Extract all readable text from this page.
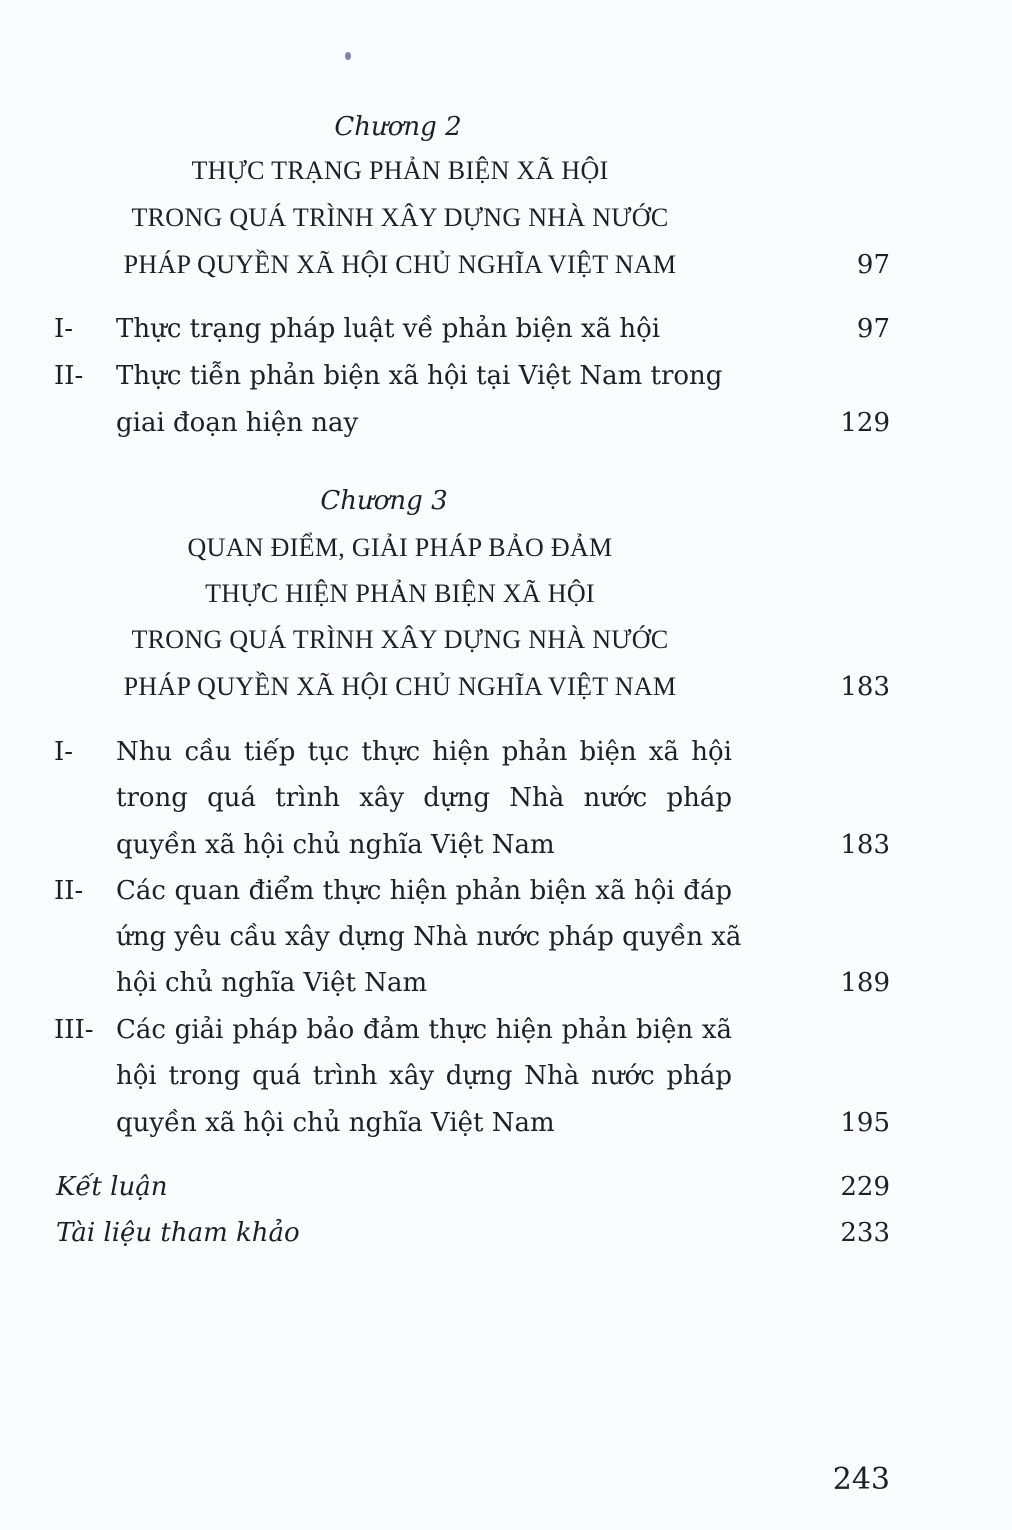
Chương 2
THỰC TRẠNG PHẢN BIỆN XÃ HỘI
TRONG QUÁ TRÌNH XÂY DỰNG NHÀ NƯỚC
PHÁP QUYỀN XÃ HỘI CHỦ NGHĨA VIỆT NAM	97
I- Thực trạng pháp luật về phản biện xã hội	97
II- Thực tiễn phản biện xã hội tại Việt Nam trong
giai đoạn hiện nay	129
Chương 3
QUAN ĐIỂM, GIẢI PHÁP BẢO ĐẢM
THỰC HIỆN PHẢN BIỆN XÃ HỘI
TRONG QUÁ TRÌNH XÂY DỰNG NHÀ NƯỚC
PHÁP QUYỀN XÃ HỘI CHỦ NGHĨA VIỆT NAM	183
I- Nhu cầu tiếp tục thực hiện phản biện xã hội
trong quá trình xây dựng Nhà nước pháp
quyền xã hội chủ nghĩa Việt Nam	183
II- Các quan điểm thực hiện phản biện xã hội đáp
ứng yêu cầu xây dựng Nhà nước pháp quyền xã
hội chủ nghĩa Việt Nam	189
III- Các giải pháp bảo đảm thực hiện phản biện xã
hội trong quá trình xây dựng Nhà nước pháp
quyền xã hội chủ nghĩa Việt Nam	195
Kết luận	229
Tài liệu tham khảo	233
243
